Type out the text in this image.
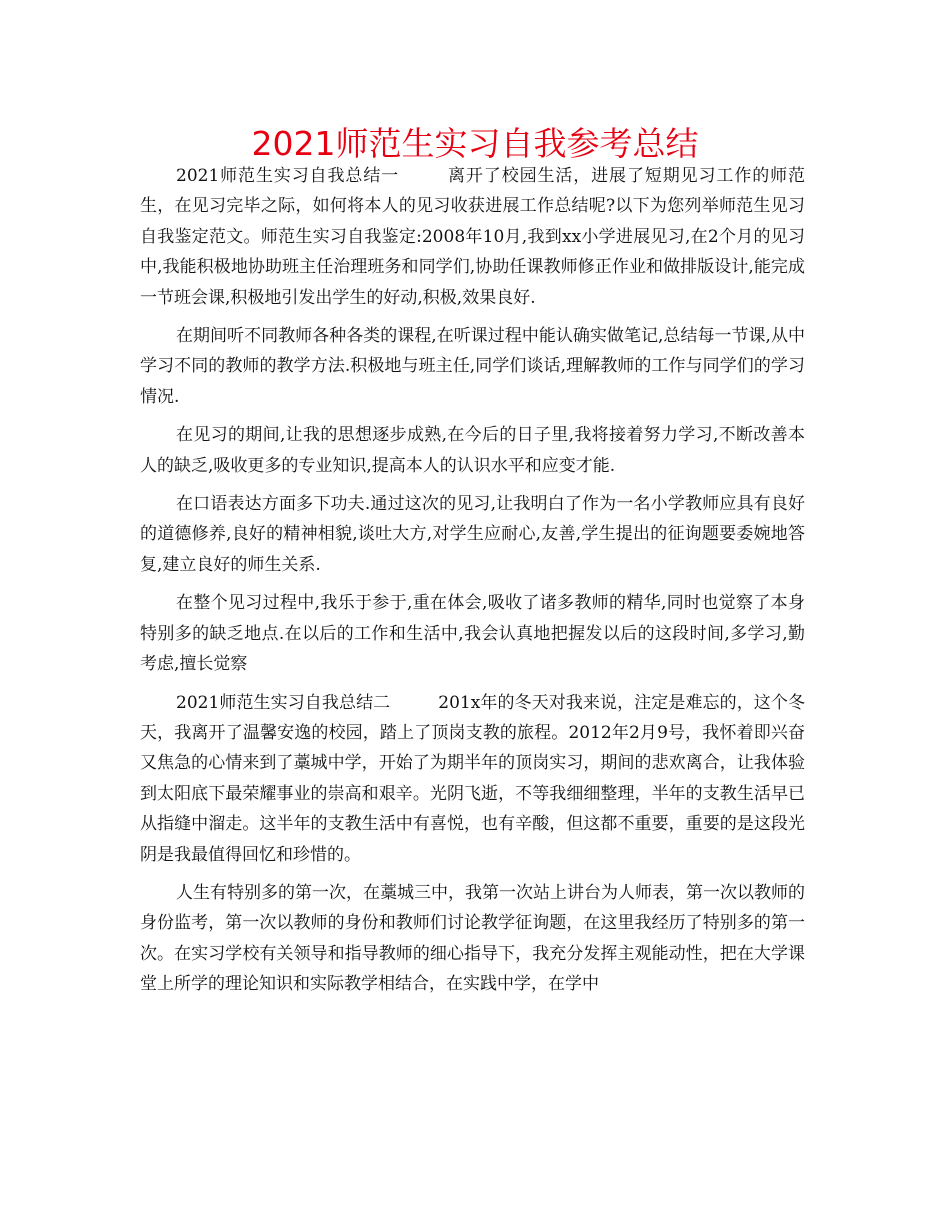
2021师范生实习自我参考总结

2021师范生实习自我总结一	离开了校园生活，进展了短期见习工作的师范生，在见习完毕之际，如何将本人的见习收获进展工作总结呢?以下为您列举师范生见习自我鉴定范文。师范生实习自我鉴定:2008年10月,我到xx小学进展见习,在2个月的见习中,我能积极地协助班主任治理班务和同学们,协助任课教师修正作业和做排版设计,能完成一节班会课,积极地引发出学生的好动,积极,效果良好.

在期间听不同教师各种各类的课程,在听课过程中能认确实做笔记,总结每一节课,从中学习不同的教师的教学方法.积极地与班主任,同学们谈话,理解教师的工作与同学们的学习情况.

在见习的期间,让我的思想逐步成熟,在今后的日子里,我将接着努力学习,不断改善本人的缺乏,吸收更多的专业知识,提高本人的认识水平和应变才能.

在口语表达方面多下功夫.通过这次的见习,让我明白了作为一名小学教师应具有良好的道德修养,良好的精神相貌,谈吐大方,对学生应耐心,友善,学生提出的征询题要委婉地答复,建立良好的师生关系.

在整个见习过程中,我乐于参于,重在体会,吸收了诸多教师的精华,同时也觉察了本身特别多的缺乏地点.在以后的工作和生活中,我会认真地把握发以后的这段时间,多学习,勤考虑,擅长觉察

2021师范生实习自我总结二	201x年的冬天对我来说，注定是难忘的，这个冬天，我离开了温馨安逸的校园，踏上了顶岗支教的旅程。2012年2月9号，我怀着即兴奋又焦急的心情来到了藁城中学，开始了为期半年的顶岗实习，期间的悲欢离合，让我体验到太阳底下最荣耀事业的崇高和艰辛。光阴飞逝，不等我细细整理，半年的支教生活早已从指缝中溜走。这半年的支教生活中有喜悦，也有辛酸，但这都不重要，重要的是这段光阴是我最值得回忆和珍惜的。

人生有特别多的第一次，在藁城三中，我第一次站上讲台为人师表，第一次以教师的身份监考，第一次以教师的身份和教师们讨论教学征询题，在这里我经历了特别多的第一次。在实习学校有关领导和指导教师的细心指导下，我充分发挥主观能动性，把在大学课堂上所学的理论知识和实际教学相结合，在实践中学，在学中
